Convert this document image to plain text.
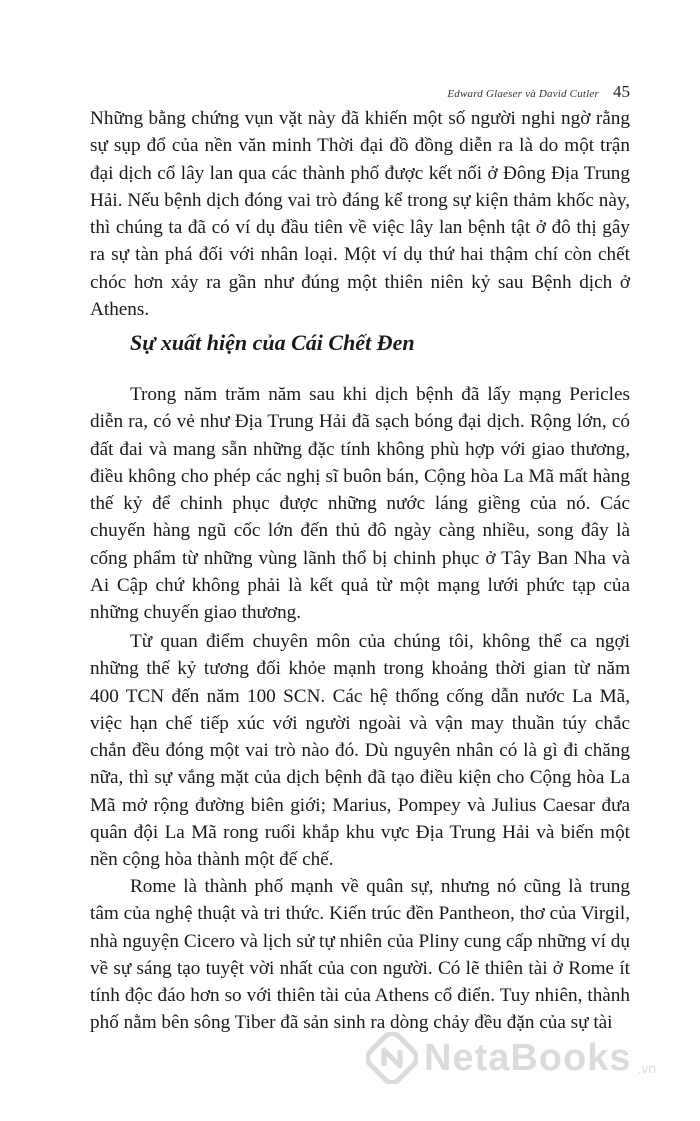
Edward Glaeser và David Cutler 45

Những bằng chứng vụn vặt này đã khiến một số người nghi ngờ rằng sự sụp đổ của nền văn minh Thời đại đồ đồng diễn ra là do một trận đại dịch cổ lây lan qua các thành phố được kết nối ở Đông Địa Trung Hải. Nếu bệnh dịch đóng vai trò đáng kể trong sự kiện thảm khốc này, thì chúng ta đã có ví dụ đầu tiên về việc lây lan bệnh tật ở đô thị gây ra sự tàn phá đối với nhân loại. Một ví dụ thứ hai thậm chí còn chết chóc hơn xảy ra gần như đúng một thiên niên kỷ sau Bệnh dịch ở Athens.

Sự xuất hiện của Cái Chết Đen

Trong năm trăm năm sau khi dịch bệnh đã lấy mạng Pericles diễn ra, có vẻ như Địa Trung Hải đã sạch bóng đại dịch. Rộng lớn, có đất đai và mang sẵn những đặc tính không phù hợp với giao thương, điều không cho phép các nghị sĩ buôn bán, Cộng hòa La Mã mất hàng thế kỷ để chinh phục được những nước láng giềng của nó. Các chuyến hàng ngũ cốc lớn đến thủ đô ngày càng nhiều, song đây là cống phẩm từ những vùng lãnh thổ bị chinh phục ở Tây Ban Nha và Ai Cập chứ không phải là kết quả từ một mạng lưới phức tạp của những chuyến giao thương.

Từ quan điểm chuyên môn của chúng tôi, không thể ca ngợi những thế kỷ tương đối khỏe mạnh trong khoảng thời gian từ năm 400 TCN đến năm 100 SCN. Các hệ thống cống dẫn nước La Mã, việc hạn chế tiếp xúc với người ngoài và vận may thuần túy chắc chắn đều đóng một vai trò nào đó. Dù nguyên nhân có là gì đi chăng nữa, thì sự vắng mặt của dịch bệnh đã tạo điều kiện cho Cộng hòa La Mã mở rộng đường biên giới; Marius, Pompey và Julius Caesar đưa quân đội La Mã rong ruổi khắp khu vực Địa Trung Hải và biến một nền cộng hòa thành một đế chế.

Rome là thành phố mạnh về quân sự, nhưng nó cũng là trung tâm của nghệ thuật và tri thức. Kiến trúc đền Pantheon, thơ của Virgil, nhà nguyện Cicero và lịch sử tự nhiên của Pliny cung cấp những ví dụ về sự sáng tạo tuyệt vời nhất của con người. Có lẽ thiên tài ở Rome ít tính độc đáo hơn so với thiên tài của Athens cổ điển. Tuy nhiên, thành phố nằm bên sông Tiber đã sản sinh ra dòng chảy đều đặn của sự tài

NetaBooks .vn
